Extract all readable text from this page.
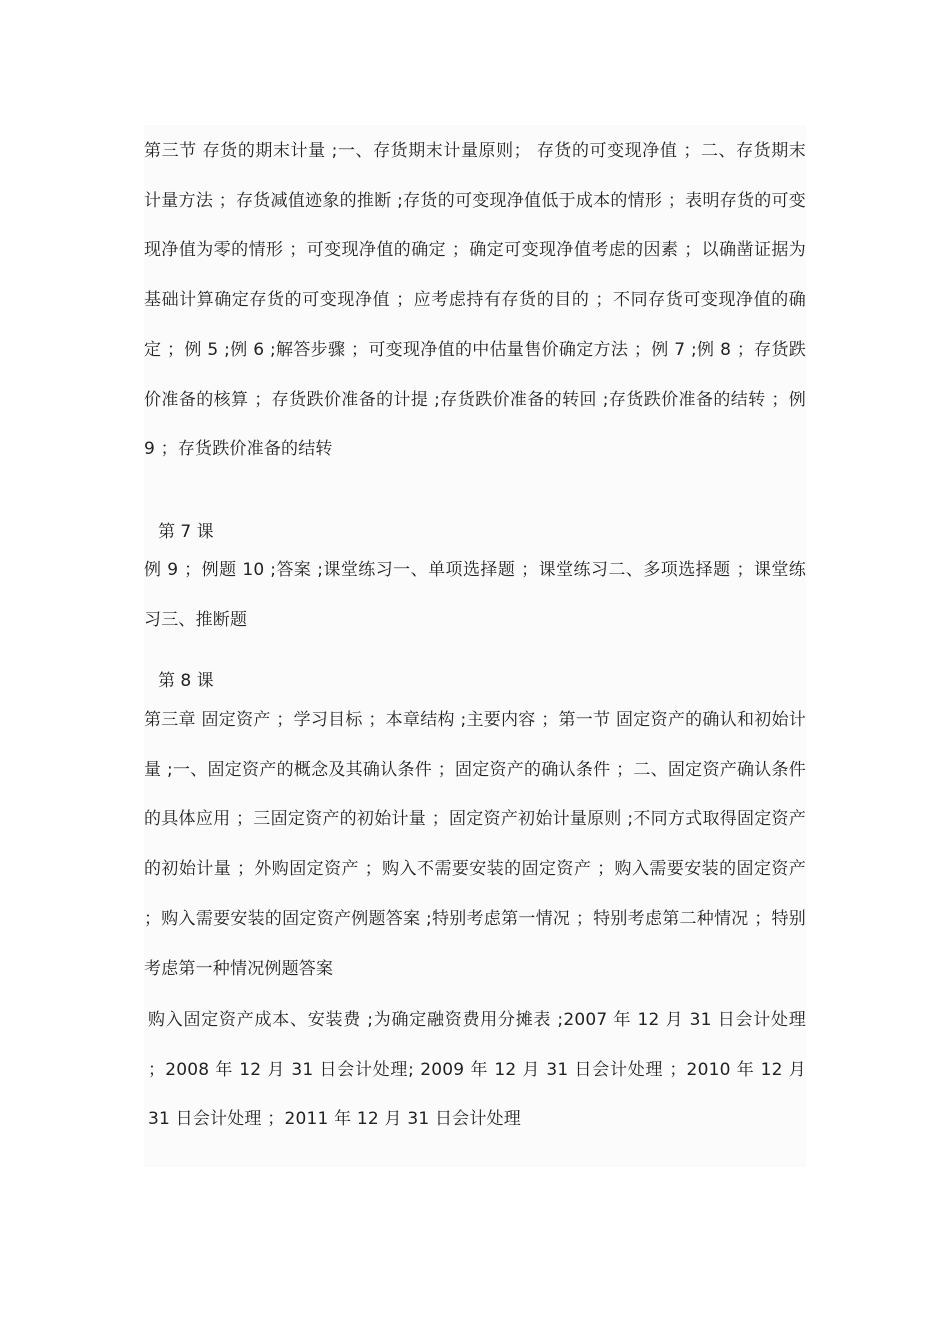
第三节 存货的期末计量 ;一、存货期末计量原则； 存货的可变现净值 ；二、存货期末计量方法 ；存货减值迹象的推断 ;存货的可变现净值低于成本的情形 ；表明存货的可变现净值为零的情形 ；可变现净值的确定 ；确定可变现净值考虑的因素 ；以确凿证据为基础计算确定存货的可变现净值 ；应考虑持有存货的目的 ；不同存货可变现净值的确定 ；例 5 ;例 6 ;解答步骤 ；可变现净值的中估量售价确定方法 ；例 7 ;例 8 ；存货跌价准备的核算 ；存货跌价准备的计提 ;存货跌价准备的转回 ;存货跌价准备的结转 ；例 9 ；存货跌价准备的结转

第 7 课

例 9 ；例题 10 ;答案 ;课堂练习一、单项选择题 ；课堂练习二、多项选择题 ；课堂练习三、推断题

第 8 课

第三章 固定资产 ；学习目标 ；本章结构 ;主要内容 ；第一节 固定资产的确认和初始计量 ;一、固定资产的概念及其确认条件 ；固定资产的确认条件 ；二、固定资产确认条件的具体应用 ；三固定资产的初始计量 ；固定资产初始计量原则 ;不同方式取得固定资产的初始计量 ；外购固定资产 ；购入不需要安装的固定资产 ；购入需要安装的固定资产 ；购入需要安装的固定资产例题答案 ;特别考虑第一情况 ；特别考虑第二种情况 ；特别考虑第一种情况例题答案

购入固定资产成本、安装费 ;为确定融资费用分摊表 ;2007 年 12 月 31 日会计处理 ；2008 年 12 月 31 日会计处理; 2009 年 12 月 31 日会计处理 ；2010 年 12 月 31 日会计处理 ；2011 年 12 月 31 日会计处理
